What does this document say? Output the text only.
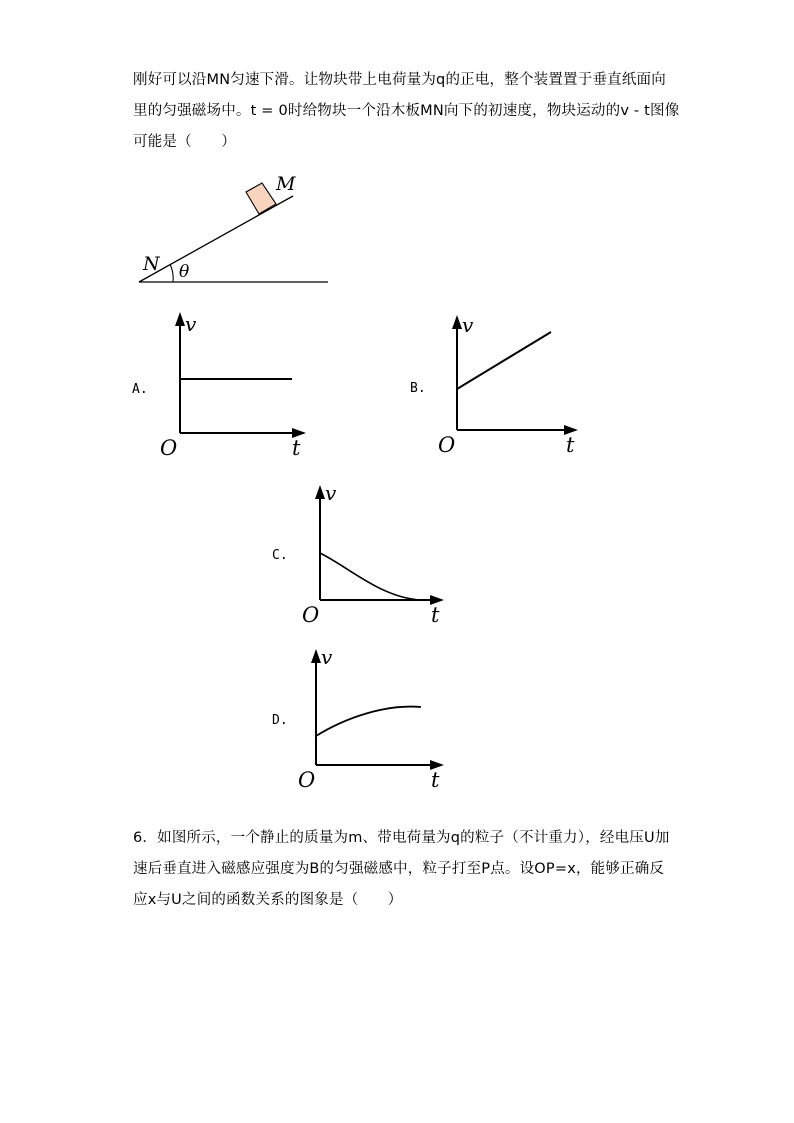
刚好可以沿MN匀速下滑。让物块带上电荷量为q的正电，整个装置置于垂直纸面向
里的匀强磁场中。t = 0时给物块一个沿木板MN向下的初速度，物块运动的v - t图像
可能是（　　）
M
N θ
A.
v
t
O
B.
v
t
O
C.
v
t
O
D.
v
t
O
6．如图所示，一个静止的质量为m、带电荷量为q的粒子（不计重力），经电压U加
速后垂直进入磁感应强度为B的匀强磁感中，粒子打至P点。设OP=x，能够正确反
应x与U之间的函数关系的图象是（　　）
